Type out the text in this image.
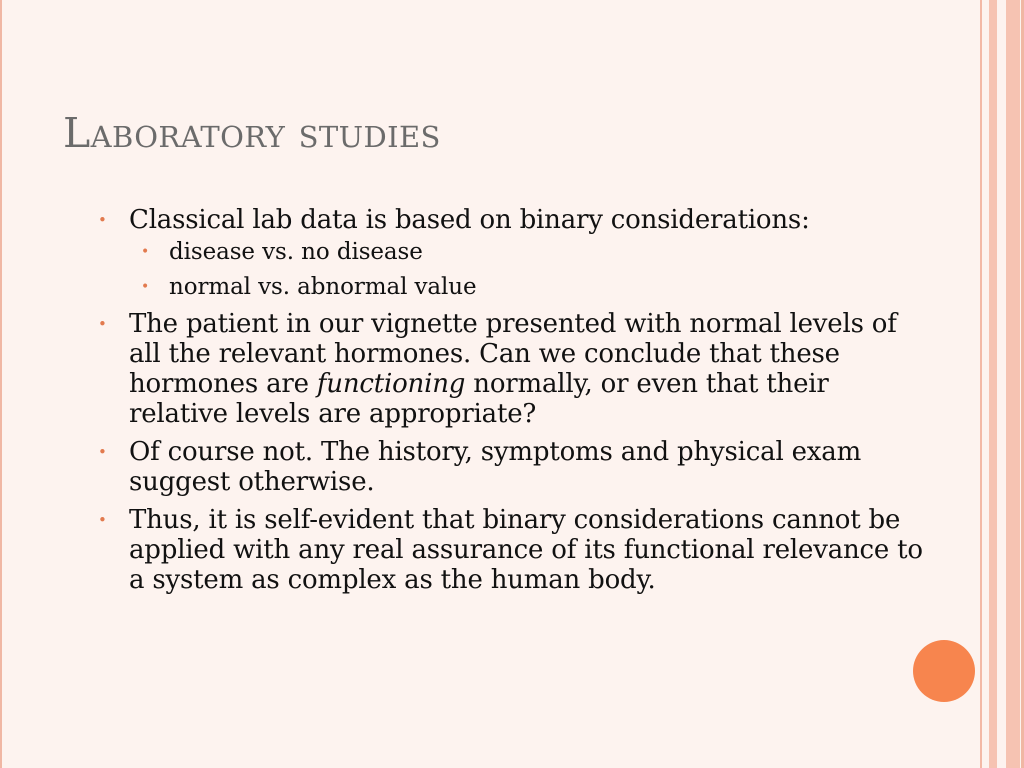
Laboratory studies
• Classical lab data is based on binary considerations:
• disease vs. no disease
• normal vs. abnormal value
• The patient in our vignette presented with normal levels of all the relevant hormones. Can we conclude that these hormones are functioning normally, or even that their relative levels are appropriate?
• Of course not. The history, symptoms and physical exam suggest otherwise.
• Thus, it is self-evident that binary considerations cannot be applied with any real assurance of its functional relevance to a system as complex as the human body.
